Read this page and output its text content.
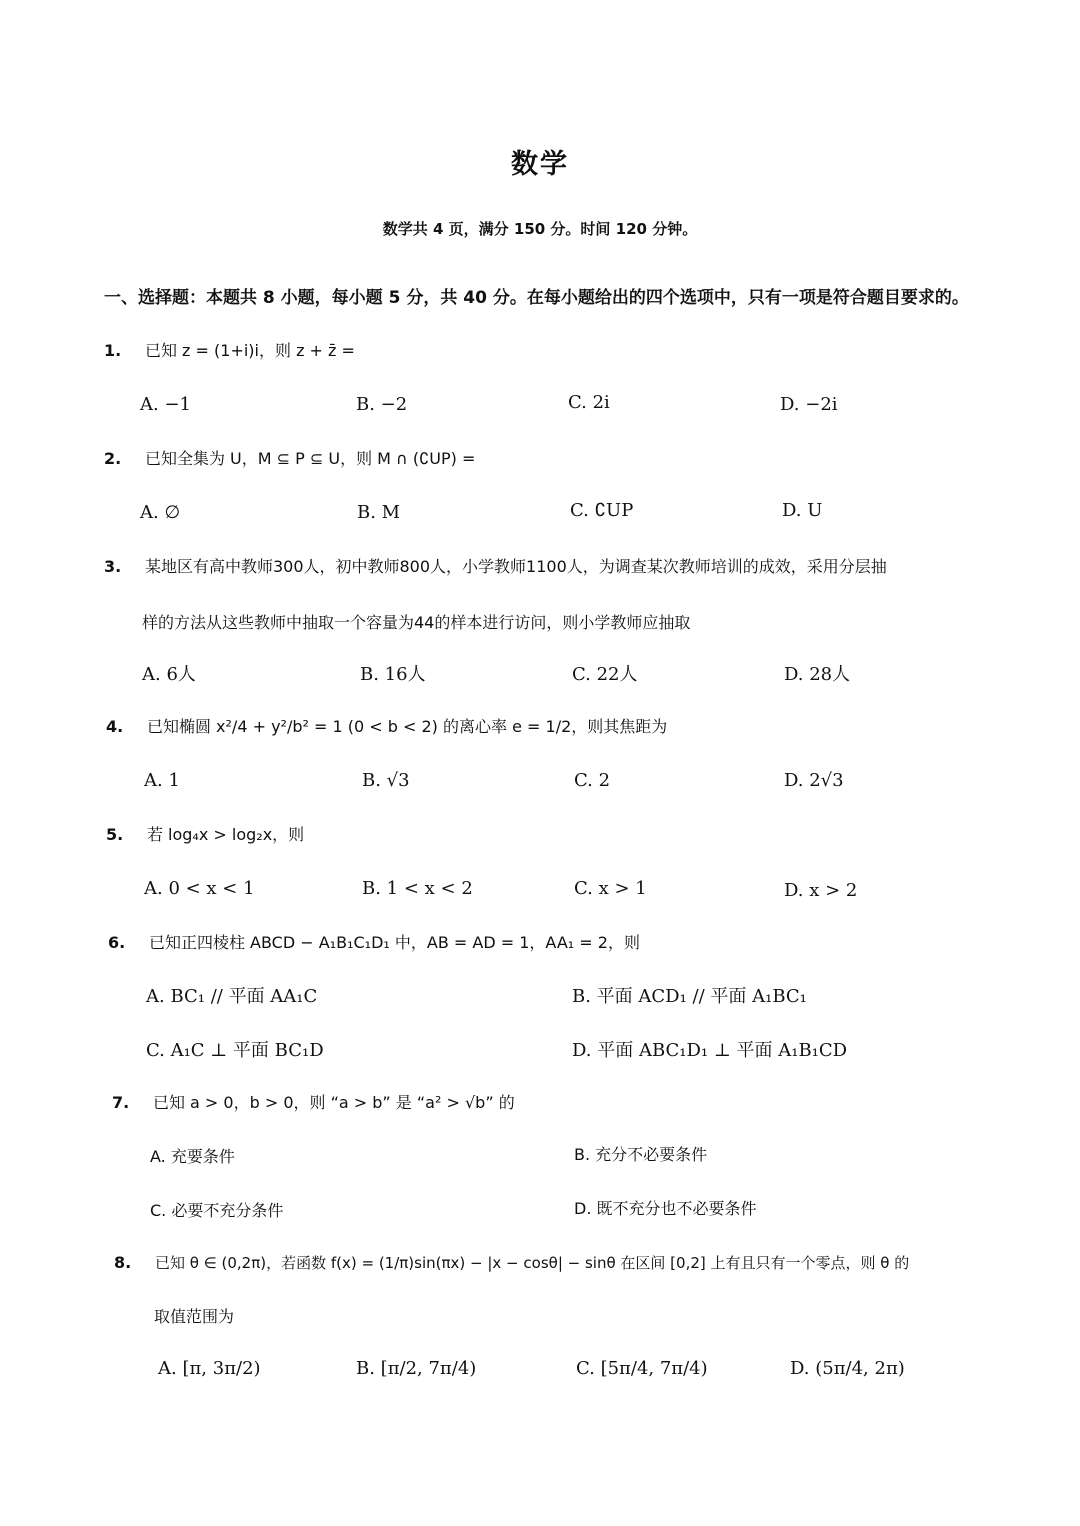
数学
数学共 4 页，满分 150 分。时间 120 分钟。
一、选择题：本题共 8 小题，每小题 5 分，共 40 分。在每小题给出的四个选项中，只有一项是符合题目要求的。
1. 已知 z = (1+i)i，则 z + z̄ =
A. −1	B. −2	C. 2i	D. −2i
2. 已知全集为 U，M ⊆ P ⊆ U，则 M ∩ (∁UP) =
A. ∅	B. M	C. ∁UP	D. U
3. 某地区有高中教师300人，初中教师800人，小学教师1100人，为调查某次教师培训的成效，采用分层抽
样的方法从这些教师中抽取一个容量为44的样本进行访问，则小学教师应抽取
A. 6人	B. 16人	C. 22人	D. 28人
4. 已知椭圆 x²/4 + y²/b² = 1 (0 < b < 2) 的离心率 e = 1/2，则其焦距为
A. 1	B. √3	C. 2	D. 2√3
5. 若 log₄x > log₂x，则
A. 0 < x < 1	B. 1 < x < 2	C. x > 1	D. x > 2
6. 已知正四棱柱 ABCD − A₁B₁C₁D₁ 中，AB = AD = 1，AA₁ = 2，则
A. BC₁ // 平面 AA₁C	B. 平面 ACD₁ // 平面 A₁BC₁
C. A₁C ⊥ 平面 BC₁D	D. 平面 ABC₁D₁ ⊥ 平面 A₁B₁CD
7. 已知 a > 0，b > 0，则 “a > b” 是 “a² > √b” 的
A. 充要条件	B. 充分不必要条件
C. 必要不充分条件	D. 既不充分也不必要条件
8. 已知 θ ∈ (0,2π)，若函数 f(x) = (1/π)sin(πx) − |x − cosθ| − sinθ 在区间 [0,2] 上有且只有一个零点，则 θ 的
取值范围为
A. [π, 3π/2)	B. [π/2, 7π/4)	C. [5π/4, 7π/4)	D. (5π/4, 2π)
